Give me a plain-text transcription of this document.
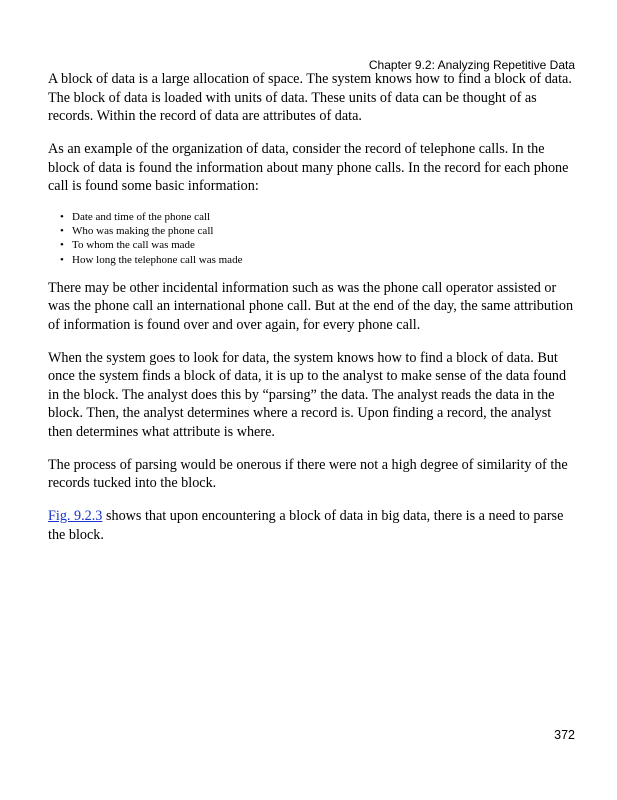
Chapter 9.2: Analyzing Repetitive Data

A block of data is a large allocation of space. The system knows how to find a block of data. The block of data is loaded with units of data. These units of data can be thought of as records. Within the record of data are attributes of data.

As an example of the organization of data, consider the record of telephone calls. In the block of data is found the information about many phone calls. In the record for each phone call is found some basic information:

• Date and time of the phone call
• Who was making the phone call
• To whom the call was made
• How long the telephone call was made

There may be other incidental information such as was the phone call operator assisted or was the phone call an international phone call. But at the end of the day, the same attribution of information is found over and over again, for every phone call.

When the system goes to look for data, the system knows how to find a block of data. But once the system finds a block of data, it is up to the analyst to make sense of the data found in the block. The analyst does this by “parsing” the data. The analyst reads the data in the block. Then, the analyst determines where a record is. Upon finding a record, the analyst then determines what attribute is where.

The process of parsing would be onerous if there were not a high degree of similarity of the records tucked into the block.

Fig. 9.2.3 shows that upon encountering a block of data in big data, there is a need to parse the block.

372
